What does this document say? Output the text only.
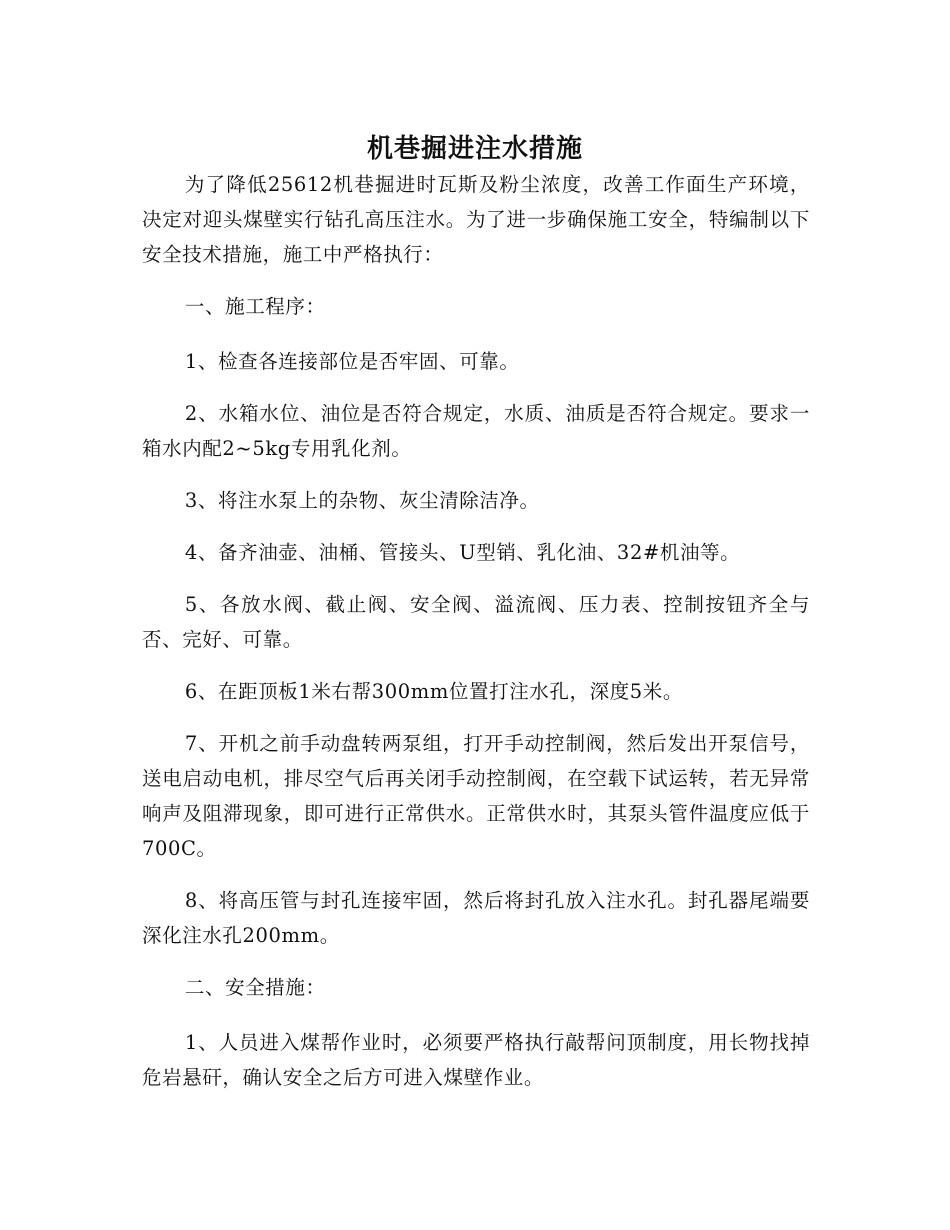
机巷掘进注水措施

为了降低25612机巷掘进时瓦斯及粉尘浓度，改善工作面生产环境，决定对迎头煤壁实行钻孔高压注水。为了进一步确保施工安全，特编制以下安全技术措施，施工中严格执行：

一、施工程序：

1、检查各连接部位是否牢固、可靠。

2、水箱水位、油位是否符合规定，水质、油质是否符合规定。要求一箱水内配2~5kg专用乳化剂。

3、将注水泵上的杂物、灰尘清除洁净。

4、备齐油壶、油桶、管接头、U型销、乳化油、32#机油等。

5、各放水阀、截止阀、安全阀、溢流阀、压力表、控制按钮齐全与否、完好、可靠。

6、在距顶板1米右帮300mm位置打注水孔，深度5米。

7、开机之前手动盘转两泵组，打开手动控制阀，然后发出开泵信号，送电启动电机，排尽空气后再关闭手动控制阀，在空载下试运转，若无异常响声及阻滞现象，即可进行正常供水。正常供水时，其泵头管件温度应低于700C。

8、将高压管与封孔连接牢固，然后将封孔放入注水孔。封孔器尾端要深化注水孔200mm。

二、安全措施：

1、人员进入煤帮作业时，必须要严格执行敲帮问顶制度，用长物找掉危岩悬矸，确认安全之后方可进入煤壁作业。
